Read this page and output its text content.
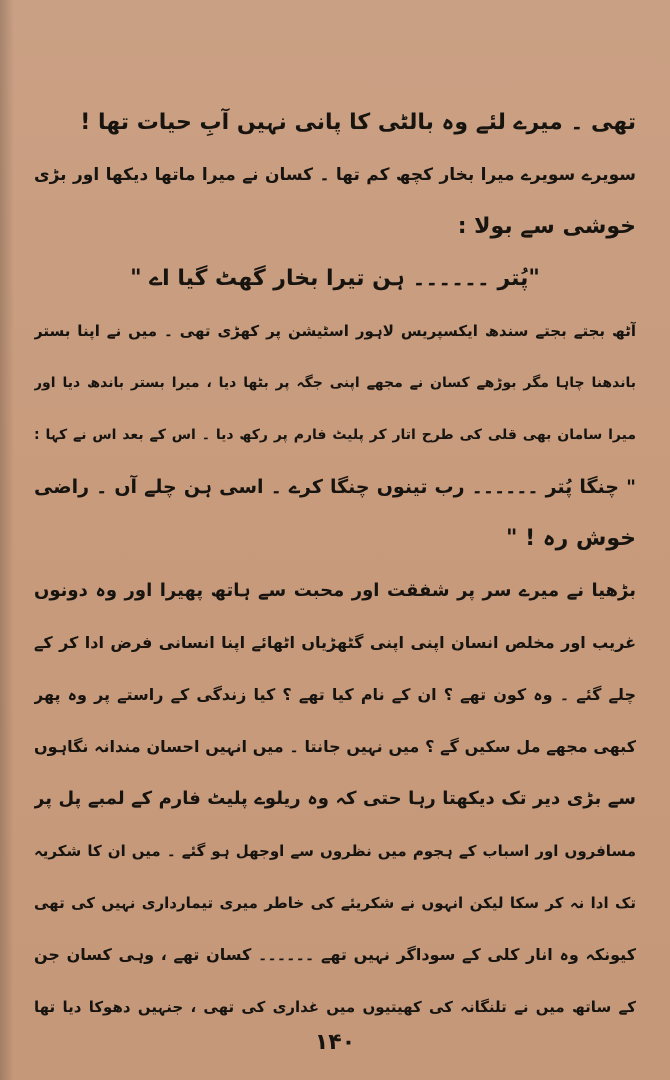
تھی ۔ میرے لئے وہ بالٹی کا پانی نہیں آبِ حیات تھا !
سویرے سویرے میرا بخار کچھ کم تھا ۔ کسان نے میرا ماتھا دیکھا اور بڑی
خوشی سے بولا :
"پُتر ۔۔۔۔۔۔ ہن تیرا بخار گھٹ گیا اے "
آٹھ بجتے بجتے سندھ ایکسپریس لاہور اسٹیشن پر کھڑی تھی ۔ میں نے اپنا بستر
باندھنا چاہا مگر بوڑھے کسان نے مجھے اپنی جگہ پر بٹھا دیا ، میرا بستر باندھ دیا اور
میرا سامان بھی قلی کی طرح اتار کر پلیٹ فارم پر رکھ دیا ۔ اس کے بعد اس نے کہا :
" چنگا پُتر ۔۔۔۔۔۔ رب تینوں چنگا کرے ۔ اسی ہن چلے آں ۔ راضی
خوش رہ ! "
بڑھیا نے میرے سر پر شفقت اور محبت سے ہاتھ پھیرا اور وہ دونوں
غریب اور مخلص انسان اپنی اپنی گٹھڑیاں اٹھائے اپنا انسانی فرض ادا کر کے
چلے گئے ۔ وہ کون تھے ؟ ان کے نام کیا تھے ؟ کیا زندگی کے راستے پر وہ پھر
کبھی مجھے مل سکیں گے ؟ میں نہیں جانتا ۔ میں انہیں احسان مندانہ نگاہوں
سے بڑی دیر تک دیکھتا رہا حتی کہ وہ ریلوے پلیٹ فارم کے لمبے پل پر
مسافروں اور اسباب کے ہجوم میں نظروں سے اوجھل ہو گئے ۔ میں ان کا شکریہ
تک ادا نہ کر سکا لیکن انہوں نے شکریئے کی خاطر میری تیمارداری نہیں کی تھی
کیونکہ وہ انار کلی کے سوداگر نہیں تھے ۔۔۔۔۔۔ کسان تھے ، وہی کسان جن
کے ساتھ میں نے تلنگانہ کی کھیتیوں میں غداری کی تھی ، جنہیں دھوکا دیا تھا
۱۴۰
